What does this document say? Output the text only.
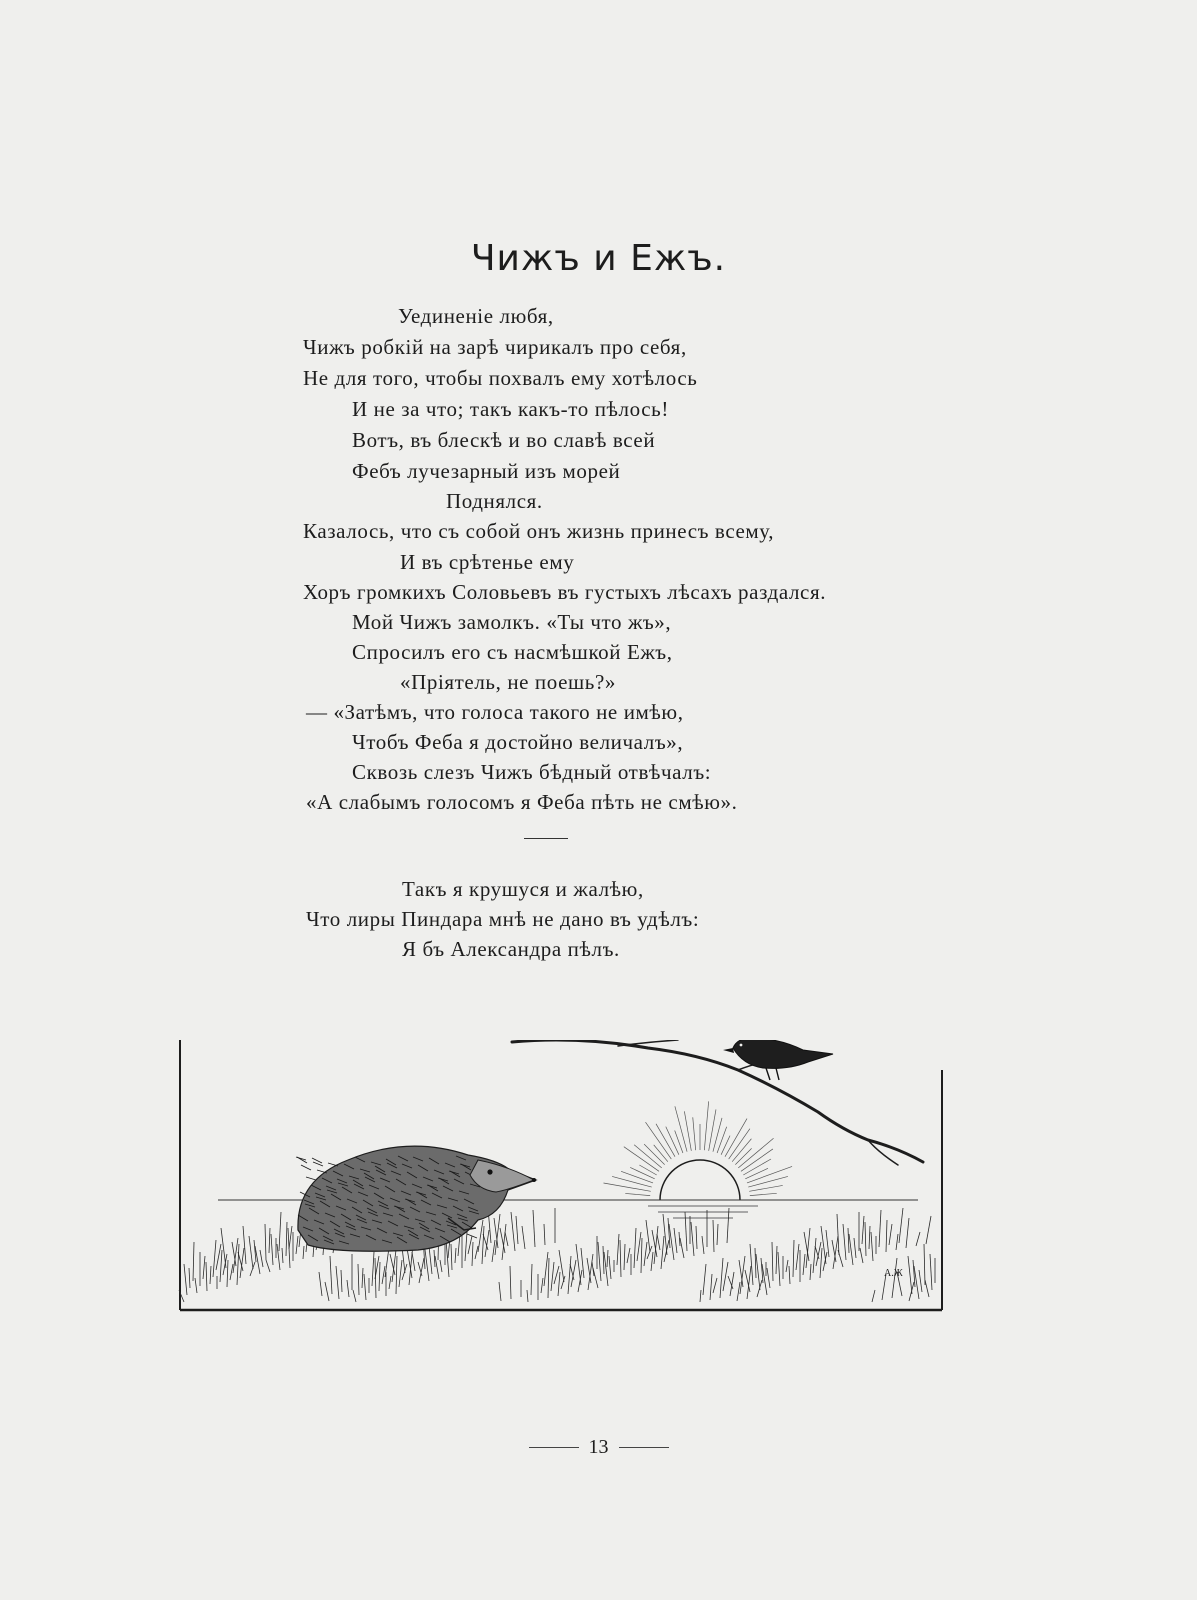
Чижъ и Ежъ.
Уединеніе любя,
Чижъ робкій на зарѣ чирикалъ про себя,
Не для того, чтобы похвалъ ему хотѣлось
И не за что; такъ какъ-то пѣлось!
Вотъ, въ блескѣ и во славѣ всей
Фебъ лучезарный изъ морей
Поднялся.
Казалось, что съ собой онъ жизнь принесъ всему,
И въ срѣтенье ему
Хоръ громкихъ Соловьевъ въ густыхъ лѣсахъ раздался.
Мой Чижъ замолкъ. «Ты что жъ»,
Спросилъ его съ насмѣшкой Ежъ,
«Пріятель, не поешь?»
— «Затѣмъ, что голоса такого не имѣю,
Чтобъ Феба я достойно величалъ»,
Сквозь слезъ Чижъ бѣдный отвѣчалъ:
«А слабымъ голосомъ я Феба пѣть не смѣю».
Такъ я крушуся и жалѣю,
Что лиры Пиндара мнѣ не дано въ удѣлъ:
Я бъ Александра пѣлъ.
А.Ж
13
